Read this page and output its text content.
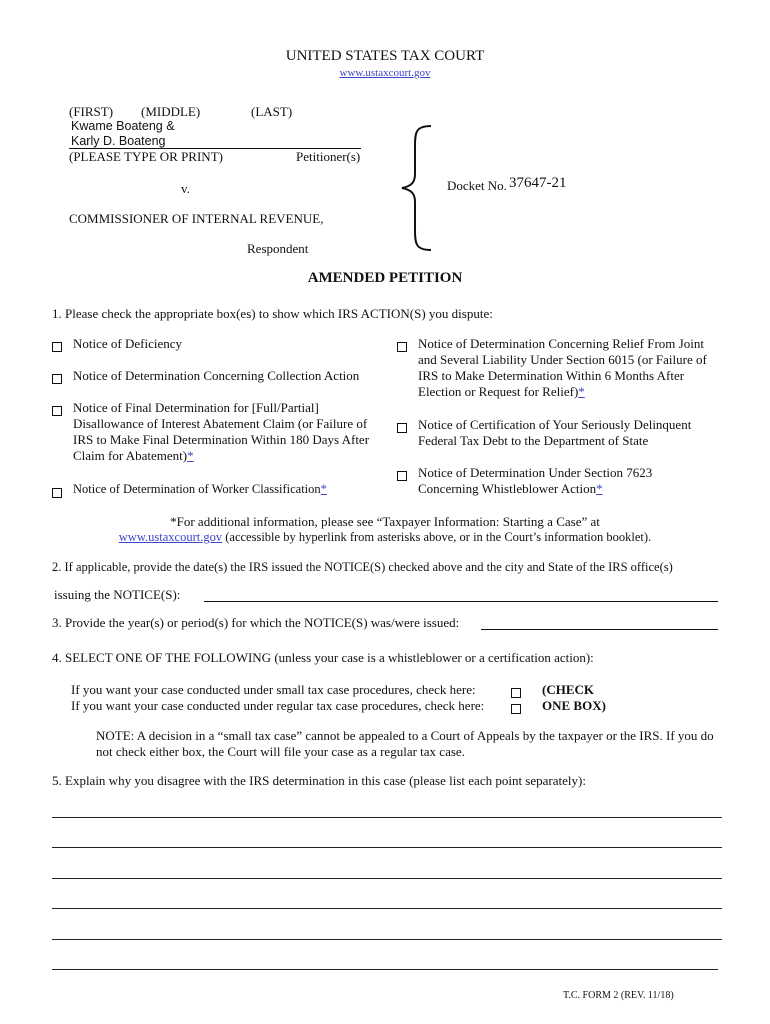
UNITED STATES TAX COURT
www.ustaxcourt.gov
(FIRST) (MIDDLE)	(LAST)
Kwame Boateng &
Karly D. Boateng
(PLEASE TYPE OR PRINT)	Petitioner(s)
v.
COMMISSIONER OF INTERNAL REVENUE,
Respondent
Docket No. 37647-21
AMENDED PETITION
1. Please check the appropriate box(es) to show which IRS ACTION(S) you dispute:
Notice of Deficiency
Notice of Determination Concerning Collection Action
Notice of Final Determination for [Full/Partial] Disallowance of Interest Abatement Claim (or Failure of IRS to Make Final Determination Within 180 Days After Claim for Abatement)*
Notice of Determination of Worker Classification*
Notice of Determination Concerning Relief From Joint and Several Liability Under Section 6015 (or Failure of IRS to Make Determination Within 6 Months After Election or Request for Relief)*
Notice of Certification of Your Seriously Delinquent Federal Tax Debt to the Department of State
Notice of Determination Under Section 7623 Concerning Whistleblower Action*
*For additional information, please see “Taxpayer Information: Starting a Case” at
www.ustaxcourt.gov (accessible by hyperlink from asterisks above, or in the Court’s information booklet).
2. If applicable, provide the date(s) the IRS issued the NOTICE(S) checked above and the city and State of the IRS office(s)
issuing the NOTICE(S):
3. Provide the year(s) or period(s) for which the NOTICE(S) was/were issued:
4. SELECT ONE OF THE FOLLOWING (unless your case is a whistleblower or a certification action):
If you want your case conducted under small tax case procedures, check here:
If you want your case conducted under regular tax case procedures, check here:
(CHECK
ONE BOX)
NOTE: A decision in a “small tax case” cannot be appealed to a Court of Appeals by the taxpayer or the IRS. If you do not check either box, the Court will file your case as a regular tax case.
5. Explain why you disagree with the IRS determination in this case (please list each point separately):
T.C. FORM 2 (REV. 11/18)
